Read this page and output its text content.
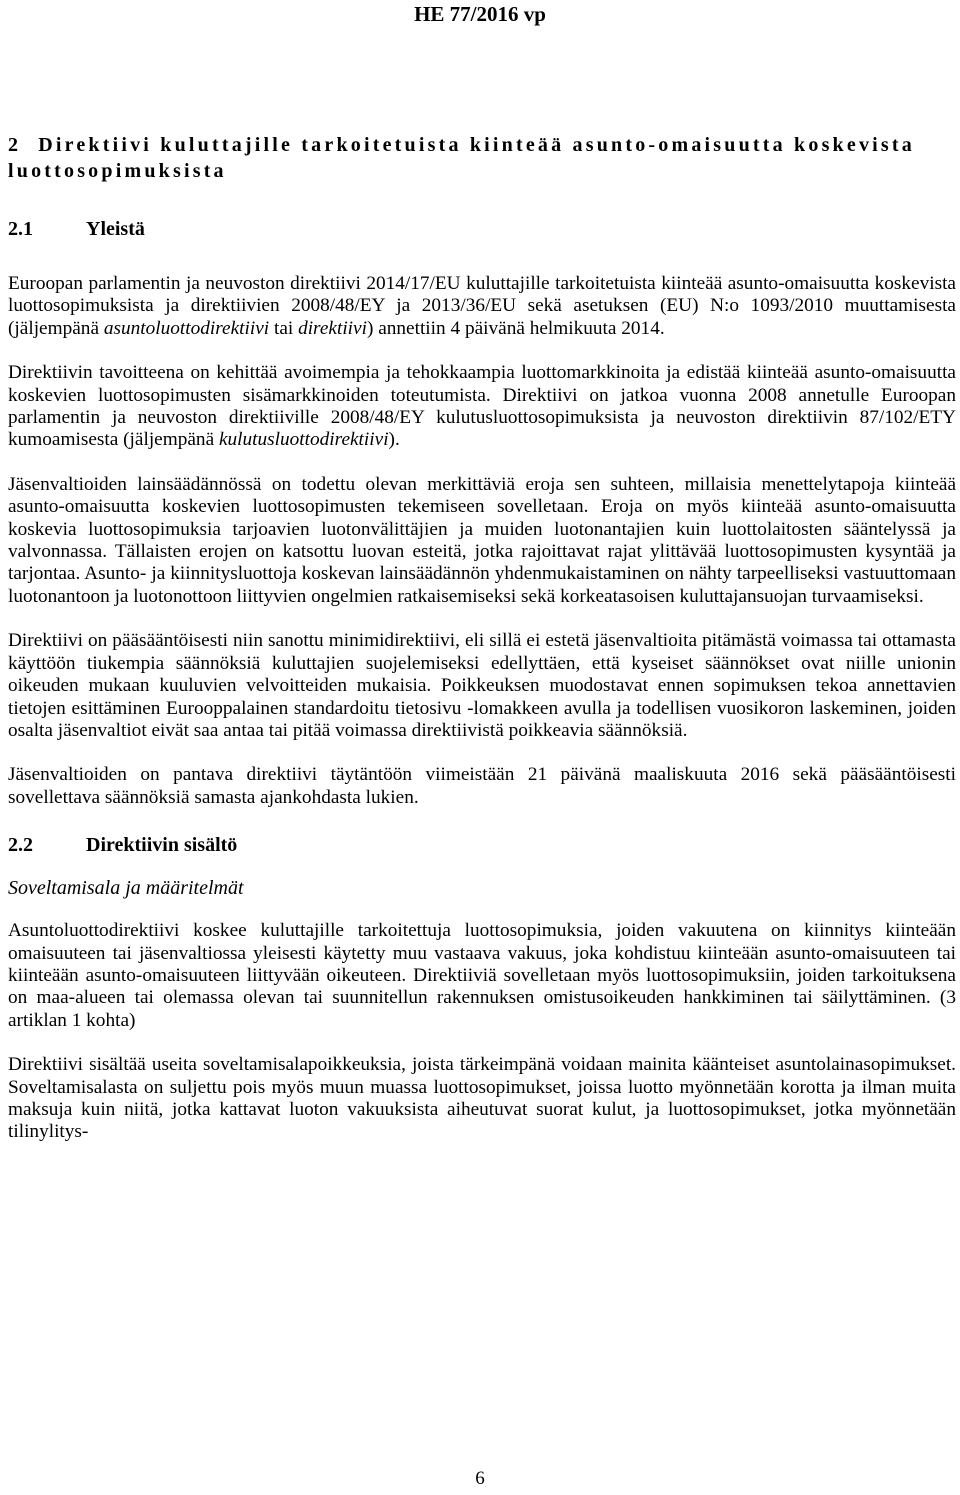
HE 77/2016 vp
2 Direktiivi kuluttajille tarkoitetuista kiinteää asunto-omaisuutta koskevista luottosopimuksista
2.1	Yleistä

Euroopan parlamentin ja neuvoston direktiivi 2014/17/EU kuluttajille tarkoitetuista kiinteää asunto-omaisuutta koskevista luottosopimuksista ja direktiivien 2008/48/EY ja 2013/36/EU sekä asetuksen (EU) N:o 1093/2010 muuttamisesta (jäljempänä asuntoluottodirektiivi tai direktiivi) annettiin 4 päivänä helmikuuta 2014.

Direktiivin tavoitteena on kehittää avoimempia ja tehokkaampia luottomarkkinoita ja edistää kiinteää asunto-omaisuutta koskevien luottosopimusten sisämarkkinoiden toteutumista. Direktiivi on jatkoa vuonna 2008 annetulle Euroopan parlamentin ja neuvoston direktiiville 2008/48/EY kulutusluottosopimuksista ja neuvoston direktiivin 87/102/ETY kumoamisesta (jäljempänä kulutusluottodirektiivi).

Jäsenvaltioiden lainsäädännössä on todettu olevan merkittäviä eroja sen suhteen, millaisia menettelytapoja kiinteää asunto-omaisuutta koskevien luottosopimusten tekemiseen sovelletaan. Eroja on myös kiinteää asunto-omaisuutta koskevia luottosopimuksia tarjoavien luotonvälittäjien ja muiden luotonantajien kuin luottolaitosten sääntelyssä ja valvonnassa. Tällaisten erojen on katsottu luovan esteitä, jotka rajoittavat rajat ylittävää luottosopimusten kysyntää ja tarjontaa. Asunto- ja kiinnitysluottoja koskevan lainsäädännön yhdenmukaistaminen on nähty tarpeelliseksi vastuuttomaan luotonantoon ja luotonottoon liittyvien ongelmien ratkaisemiseksi sekä korkeatasoisen kuluttajansuojan turvaamiseksi.

Direktiivi on pääsääntöisesti niin sanottu minimidirektiivi, eli sillä ei estetä jäsenvaltioita pitämästä voimassa tai ottamasta käyttöön tiukempia säännöksiä kuluttajien suojelemiseksi edellyttäen, että kyseiset säännökset ovat niille unionin oikeuden mukaan kuuluvien velvoitteiden mukaisia. Poikkeuksen muodostavat ennen sopimuksen tekoa annettavien tietojen esittäminen Eurooppalainen standardoitu tietosivu -lomakkeen avulla ja todellisen vuosikoron laskeminen, joiden osalta jäsenvaltiot eivät saa antaa tai pitää voimassa direktiivistä poikkeavia säännöksiä.

Jäsenvaltioiden on pantava direktiivi täytäntöön viimeistään 21 päivänä maaliskuuta 2016 sekä pääsääntöisesti sovellettava säännöksiä samasta ajankohdasta lukien.

2.2	Direktiivin sisältö
Soveltamisala ja määritelmät

Asuntoluottodirektiivi koskee kuluttajille tarkoitettuja luottosopimuksia, joiden vakuutena on kiinnitys kiinteään omaisuuteen tai jäsenvaltiossa yleisesti käytetty muu vastaava vakuus, joka kohdistuu kiinteään asunto-omaisuuteen tai kiinteään asunto-omaisuuteen liittyvään oikeuteen. Direktiiviä sovelletaan myös luottosopimuksiin, joiden tarkoituksena on maa-alueen tai olemassa olevan tai suunnitellun rakennuksen omistusoikeuden hankkiminen tai säilyttäminen. (3 artiklan 1 kohta)

Direktiivi sisältää useita soveltamisalapoikkeuksia, joista tärkeimpänä voidaan mainita käänteiset asuntolainasopimukset. Soveltamisalasta on suljettu pois myös muun muassa luottosopimukset, joissa luotto myönnetään korotta ja ilman muita maksuja kuin niitä, jotka kattavat luoton vakuuksista aiheutuvat suorat kulut, ja luottosopimukset, jotka myönnetään tilinylitys-

6
